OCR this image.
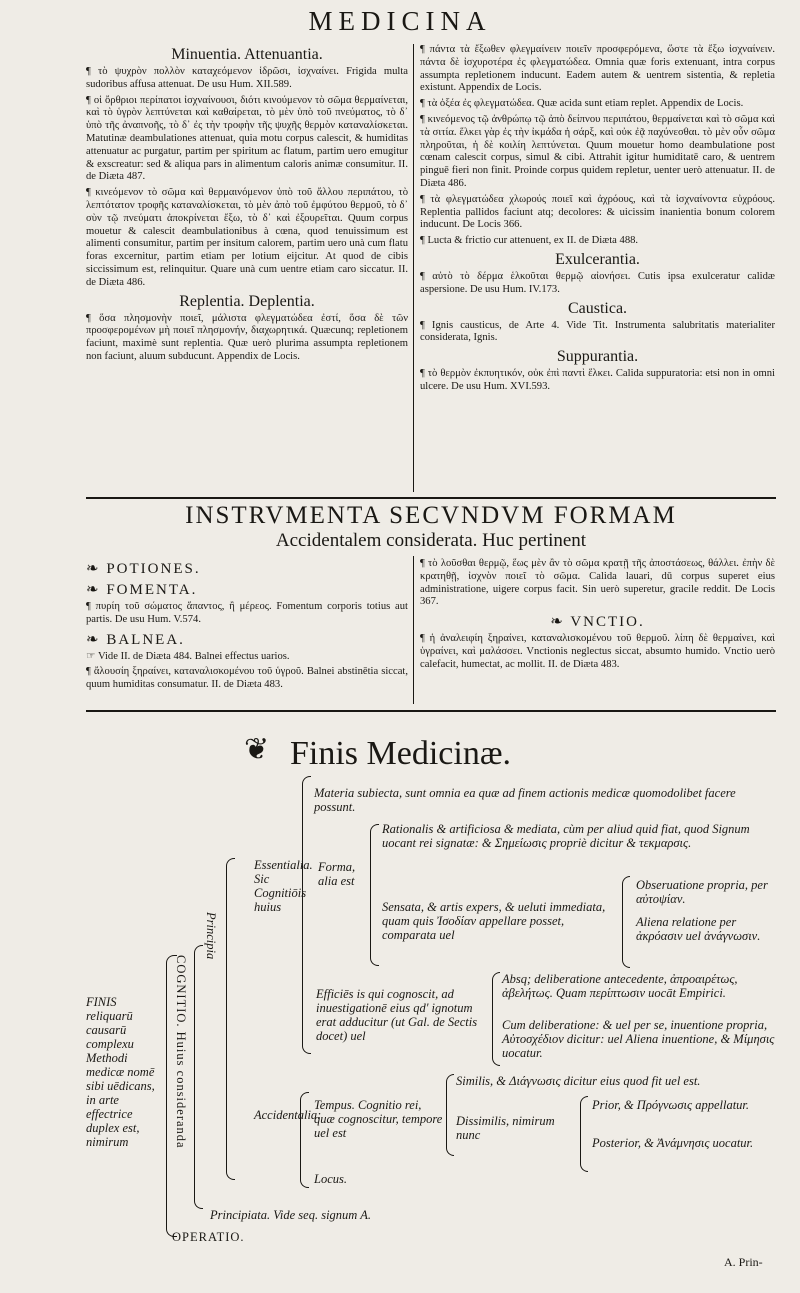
MEDICINA
Minuentia. Attenuantia.

¶ τὸ ψυχρὸν πολλὸν καταχεόμενον ἱδρῶσι, ἰσχναίνει. Frigida multa sudoribus affusa attenuat. De usu Hum. XII.589.

¶ οἱ ὄρθριοι περίπατοι ἰσχναίνουσι, διότι κινούμενον τὸ σῶμα θερμαίνεται, καὶ τὸ ὑγρὸν λεπτύνεται καὶ καθαίρεται, τὸ μὲν ὑπὸ τοῦ πνεύματος, τὸ δ᾿ ὑπὸ τῆς ἀναπνοῆς, τὸ δ᾿ ἐς τὴν τροφὴν τῆς ψυχῆς θερμὸν καταναλίσκεται. Matutinæ deambulationes attenuat, quia motu corpus calescit, & humiditas attenuatur ac purgatur, partim per spiritum ac flatum, partim uero emugitur & exscreatur: sed & aliqua pars in alimentum caloris animæ consumitur. II. de Diæta 487.

¶ κινεόμενον τὸ σῶμα καὶ θερμαινόμενον ὑπὸ τοῦ ἄλλου περιπάτου, τὸ λεπτότατον τροφῆς καταναλίσκεται, τὸ μὲν ἀπὸ τοῦ ἐμφύτου θερμοῦ, τὸ δ᾿ σὺν τῷ πνεύματι ἀποκρίνεται ἔξω, τὸ δ᾿ καὶ ἐξουρεῖται. Quum corpus mouetur & calescit deambulationibus à cœna, quod tenuissimum est alimenti consumitur, partim per insitum calorem, partim uero unà cum flatu foras excernitur, partim etiam per lotium eijcitur. At quod de cibis siccissimum est, relinquitur. Quare unà cum uentre etiam caro siccatur. II. de Diæta 486.

Replentia. Deplentia.

¶ ὅσα πλησμονὴν ποιεῖ, μάλιστα φλεγματώδεα ἐστί, ὅσα δὲ τῶν προσφερομένων μὴ ποιεῖ πλησμονήν, διαχωρητικά. Quæcunq; repletionem faciunt, maximè sunt replentia. Quæ uerò plurima assumpta repletionem non faciunt, aluum subducunt. Appendix de Locis.

¶ πάντα τὰ ἔξωθεν φλεγμαίνειν ποιεῖν προσφερόμενα, ὥστε τὰ ἔξω ἰσχναίνειν. πάντα δὲ ἰσχυροτέρα ἐς φλεγματώδεα. Omnia quæ foris extenuant, intra corpus assumpta repletionem inducunt. Eadem autem & uentrem sistentia, & repletia existunt. Appendix de Locis.

¶ τὰ ὀξέα ἐς φλεγματώδεα. Quæ acida sunt etiam replet. Appendix de Locis.

¶ κινεόμενος τῷ ἀνθρώπῳ τῷ ἀπὸ δείπνου περιπάτου, θερμαίνεται καὶ τὸ σῶμα καὶ τὰ σιτία. ἕλκει γὰρ ἐς τὴν ἰκμάδα ἡ σάρξ, καὶ οὐκ ἐᾷ παχύνεσθαι. τὸ μὲν οὖν σῶμα πληροῦται, ἡ δὲ κοιλίη λεπτύνεται. Quum mouetur homo deambulatione post cœnam calescit corpus, simul & cibi. Attrahit igitur humiditatē caro, & uentrem pinguē fieri non finit. Proinde corpus quidem repletur, uenter uerò attenuatur. II. de Diæta 486.

¶ τὰ φλεγματώδεα χλωρούς ποιεῖ καὶ ἀχρόους, καὶ τὰ ἰσχναίνοντα εὐχρόους. Replentia pallidos faciunt atq; decolores: & uicissim inanientia bonum colorem inducunt. De Locis 366.

¶ Lucta & frictio cur attenuent, ex II. de Diæta 488.

Exulcerantia.

¶ αὐτὸ τὸ δέρμα ἑλκοῦται θερμῷ αἰονήσει. Cutis ipsa exulceratur calidæ aspersione. De usu Hum. IV.173.

Caustica.

¶ Ignis causticus, de Arte 4. Vide Tit. Instrumenta salubritatis materialiter considerata, Ignis.

Suppurantia.

¶ τὸ θερμὸν ἐκπυητικόν, οὐκ ἐπὶ παντὶ ἕλκει. Calida suppuratoria: etsi non in omni ulcere. De usu Hum. XVI.593.

INSTRVMENTA SECVNDVM FORMAM
Accidentalem considerata. Huc pertinent
❧ POTIONES.
❧ FOMENTA.

¶ πυρίη τοῦ σώματος ἅπαντος, ἢ μέρεος. Fomentum corporis totius aut partis. De usu Hum. V.574.

❧ BALNEA.

☞ Vide II. de Diæta 484. Balnei effectus uarios.

¶ ἄλουσίη ξηραίνει, καταναλισκομένου τοῦ ὑγροῦ. Balnei abstinētia siccat, quum humiditas consumatur. II. de Diæta 483.

¶ τὸ λοῦσθαι θερμῷ, ἕως μὲν ἂν τὸ σῶμα κρατῇ τῆς ἀποστάσεως, θάλλει. ἐπὴν δὲ κρατηθῇ, ἰσχνὸν ποιεῖ τὸ σῶμα. Calida lauari, dū corpus superet eius administratione, uigere corpus facit. Sin uerò superetur, gracile reddit. De Locis 367.

❧ VNCTIO.

¶ ἡ ἀναλειφίη ξηραίνει, καταναλισκομένου τοῦ θερμοῦ. λίπη δὲ θερμαίνει, καὶ ὑγραίνει, καὶ μαλάσσει. Vnctionis neglectus siccat, absumto humido. Vnctio uerò calefacit, humectat, ac mollit. II. de Diæta 483.

❦ Finis Medicinæ.
FINIS reliquarū causarū complexu Methodi medicæ nomē sibi uēdicans, in arte effectrice duplex est, nimirum	COGNITIO. Huius consideranda
Principia
Essentialia. Sic Cognitiōis huius
Materia subiecta, sunt omnia ea quæ ad finem actionis medicæ quomodolibet facere possunt.
Forma, alia est
Rationalis & artificiosa & mediata, cùm per aliud quid fiat, quod Signum uocant rei signatæ: & Σημείωσις propriè dicitur & τεκμαρσις.
Sensata, & artis expers, & ueluti immediata, quam quis Ἰσοδίαν appellare posset, comparata uel
Obseruatione propria, per αὐτοψίαν.
Aliena relatione per ἀκρόασιν uel ἀνάγνωσιν.
Efficiēs is qui cognoscit, ad inuestigationē eius qd' ignotum erat adducitur (ut Gal. de Sectis docet) uel
Absq; deliberatione antecedente, ἀπροαιρέτως, ἀβελήτως. Quam περίπτωσιν uocāt Empirici.
Cum deliberatione: & uel per se, inuentione propria, Αὐτοσχέδιον dicitur: uel Aliena inuentione, & Μίμησις uocatur.
Accidentalia:
Tempus. Cognitio rei, quæ cognoscitur, tempore uel est
Similis, & Διάγνωσις dicitur eius quod fit uel est.
Dissimilis, nimirum nunc
Prior, & Πρόγνωσις appellatur.
Posterior, & Ἀνάμνησις uocatur.
Locus.
Principiata. Vide seq. signum A.
OPERATIO.
A. Prin-
